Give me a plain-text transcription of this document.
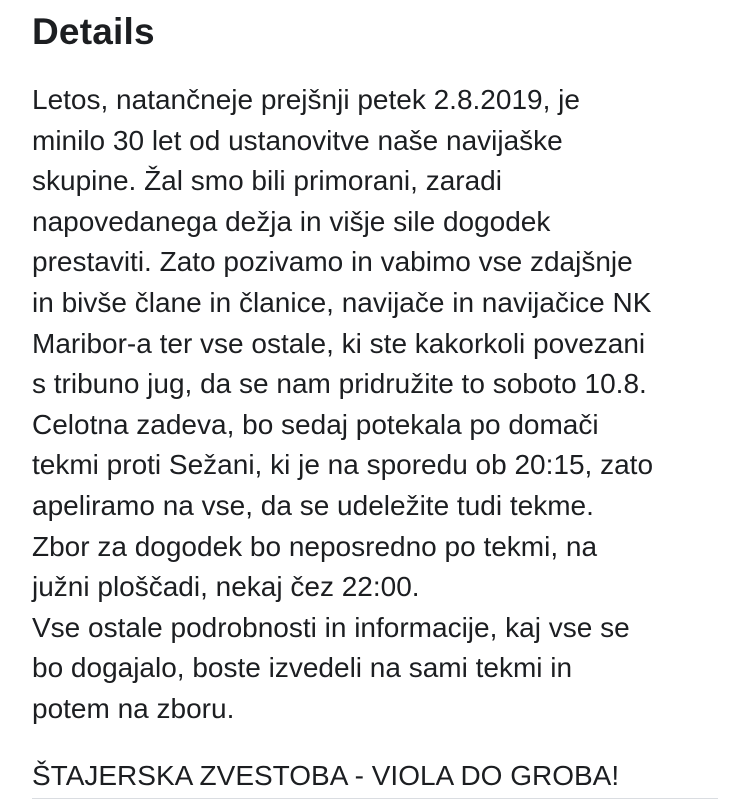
Details

Letos, natančneje prejšnji petek 2.8.2019, je
minilo 30 let od ustanovitve naše navijaške
skupine. Žal smo bili primorani, zaradi
napovedanega dežja in višje sile dogodek
prestaviti. Zato pozivamo in vabimo vse zdajšnje
in bivše člane in članice, navijače in navijačice NK
Maribor-a ter vse ostale, ki ste kakorkoli povezani
s tribuno jug, da se nam pridružite to soboto 10.8.
Celotna zadeva, bo sedaj potekala po domači
tekmi proti Sežani, ki je na sporedu ob 20:15, zato
apeliramo na vse, da se udeležite tudi tekme.
Zbor za dogodek bo neposredno po tekmi, na
južni ploščadi, nekaj čez 22:00.
Vse ostale podrobnosti in informacije, kaj vse se
bo dogajalo, boste izvedeli na sami tekmi in
potem na zboru.

ŠTAJERSKA ZVESTOBA - VIOLA DO GROBA!
